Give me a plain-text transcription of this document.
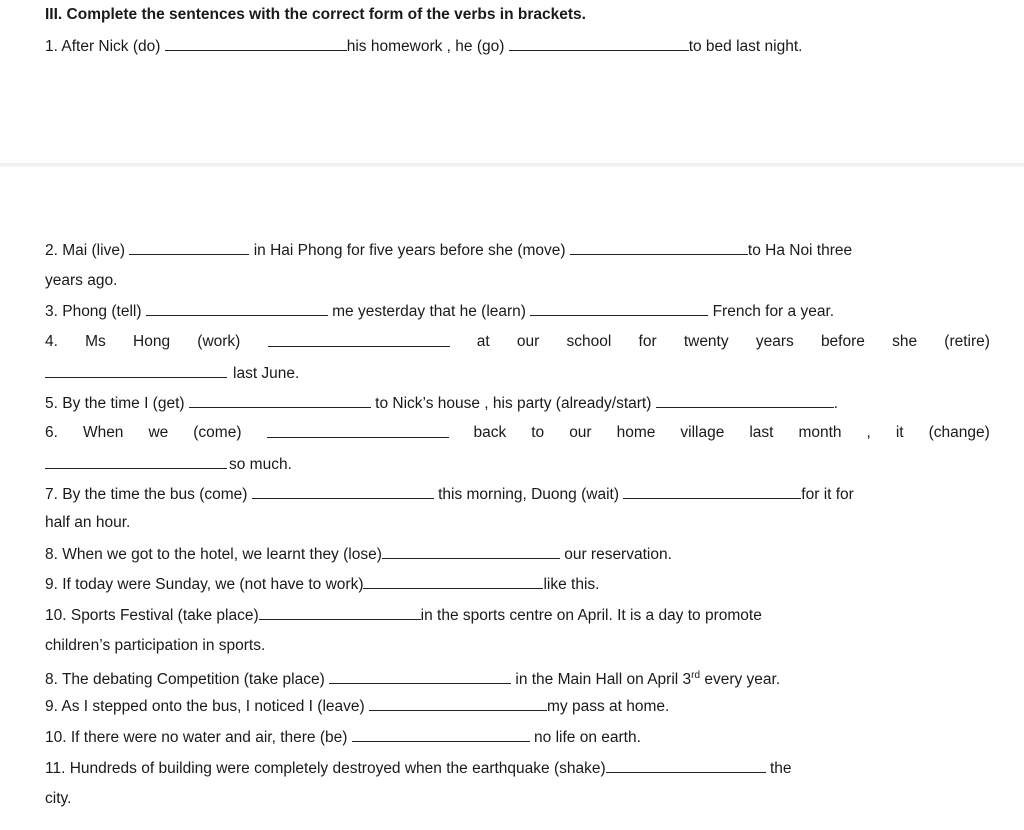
III. Complete the sentences with the correct form of the verbs in brackets.
1. After Nick (do)	his homework , he (go)	to bed last night.
2. Mai (live)	in Hai Phong for five years before she (move)	to Ha Noi three
years ago.
3. Phong (tell)	me yesterday that he (learn)	French for a year.
4. Ms Hong (work)	at our school for twenty years before she (retire)
last June.
5. By the time I (get)	to Nick’s house , his party (already/start)	.
6. When we (come)	back to our home village last month , it (change)
so much.
7. By the time the bus (come)	this morning, Duong (wait)	for it for
half an hour.
8. When we got to the hotel, we learnt they (lose)	our reservation.
9. If today were Sunday, we (not have to work)	like this.
10. Sports Festival (take place)	in the sports centre on April. It is a day to promote
children’s participation in sports.
8. The debating Competition (take place)	in the Main Hall on April 3rd every year.
9. As I stepped onto the bus, I noticed I (leave)	my pass at home.
10. If there were no water and air, there (be)	no life on earth.
11. Hundreds of building were completely destroyed when the earthquake (shake)	the
city.
